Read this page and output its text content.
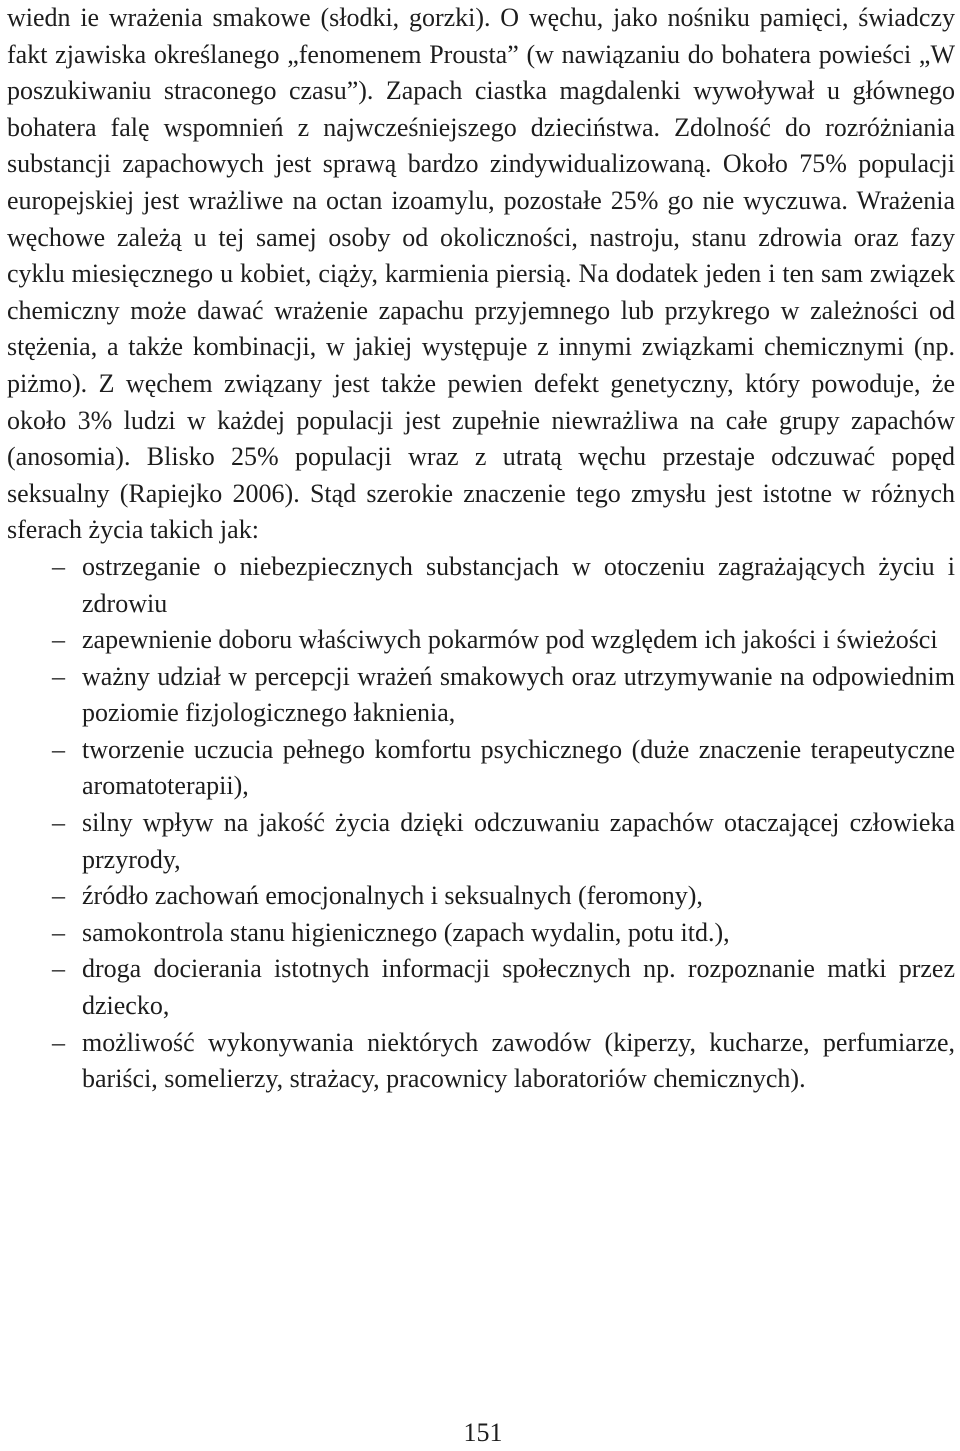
wiedn ie wrażenia smakowe (słodki, gorzki). O węchu, jako nośniku pamięci, świadczy fakt zjawiska określanego „fenomenem Prousta” (w nawiązaniu do bohatera powieści „W poszukiwaniu straconego czasu”). Zapach ciastka magdalenki wywoływał u głównego bohatera falę wspomnień z najwcześniejszego dzieciństwa. Zdolność do rozróżniania substancji zapachowych jest sprawą bardzo zindywidualizowaną. Około 75% populacji europejskiej jest wrażliwe na octan izoamylu, pozostałe 25% go nie wyczuwa. Wrażenia węchowe zależą u tej samej osoby od okoliczności, nastroju, stanu zdrowia oraz fazy cyklu miesięcznego u kobiet, ciąży, karmienia piersią. Na dodatek jeden i ten sam związek chemiczny może dawać wrażenie zapachu przyjemnego lub przykrego w zależności od stężenia, a także kombinacji, w jakiej występuje z innymi związkami chemicznymi (np. piżmo). Z węchem związany jest także pewien defekt genetyczny, który powoduje, że około 3% ludzi w każdej populacji jest zupełnie niewrażliwa na całe grupy zapachów (anosomia). Blisko 25% populacji wraz z utratą węchu przestaje odczuwać popęd seksualny (Rapiejko 2006). Stąd szerokie znaczenie tego zmysłu jest istotne w różnych sferach życia takich jak:

– ostrzeganie o niebezpiecznych substancjach w otoczeniu zagrażających życiu i zdrowiu
– zapewnienie doboru właściwych pokarmów pod względem ich jakości i świeżości
– ważny udział w percepcji wrażeń smakowych oraz utrzymywanie na odpowiednim poziomie fizjologicznego łaknienia,
– tworzenie uczucia pełnego komfortu psychicznego (duże znaczenie terapeutyczne aromatoterapii),
– silny wpływ na jakość życia dzięki odczuwaniu zapachów otaczającej człowieka przyrody,
– źródło zachowań emocjonalnych i seksualnych (feromony),
– samokontrola stanu higienicznego (zapach wydalin, potu itd.),
– droga docierania istotnych informacji społecznych np. rozpoznanie matki przez dziecko,
– możliwość wykonywania niektórych zawodów (kiperzy, kucharze, perfumiarze, bariści, somelierzy, strażacy, pracownicy laboratoriów chemicznych).
151
